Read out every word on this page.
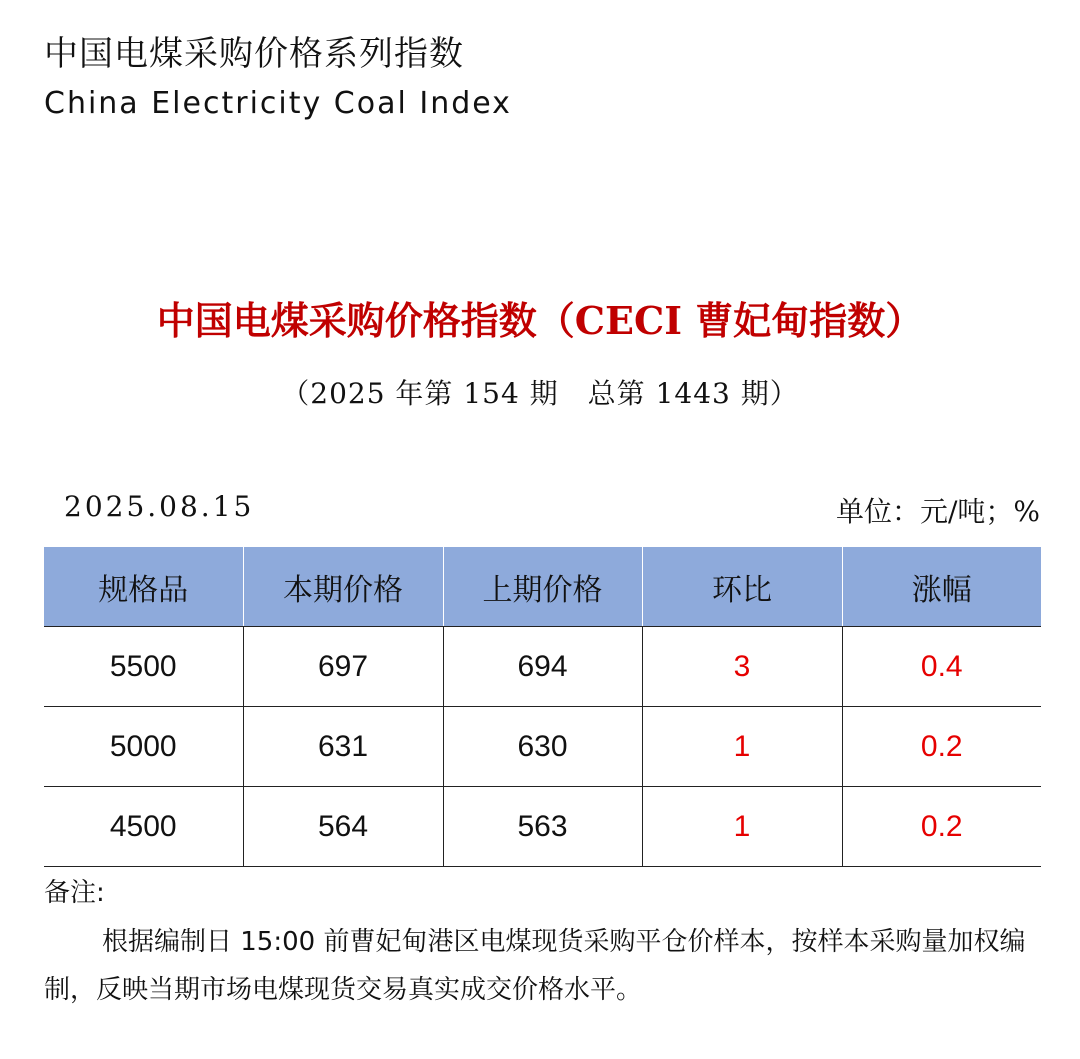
中国电煤采购价格系列指数
China Electricity Coal Index
中国电煤采购价格指数（CECI 曹妃甸指数）
（2025 年第 154 期　总第 1443 期）
2025.08.15	单位：元/吨；%
规格品	本期价格	上期价格	环比	涨幅
5500	697	694	3	0.4
5000	631	630	1	0.2
4500	564	563	1	0.2
备注:
根据编制日 15:00 前曹妃甸港区电煤现货采购平仓价样本，按样本采购量加权编制，反映当期市场电煤现货交易真实成交价格水平。
